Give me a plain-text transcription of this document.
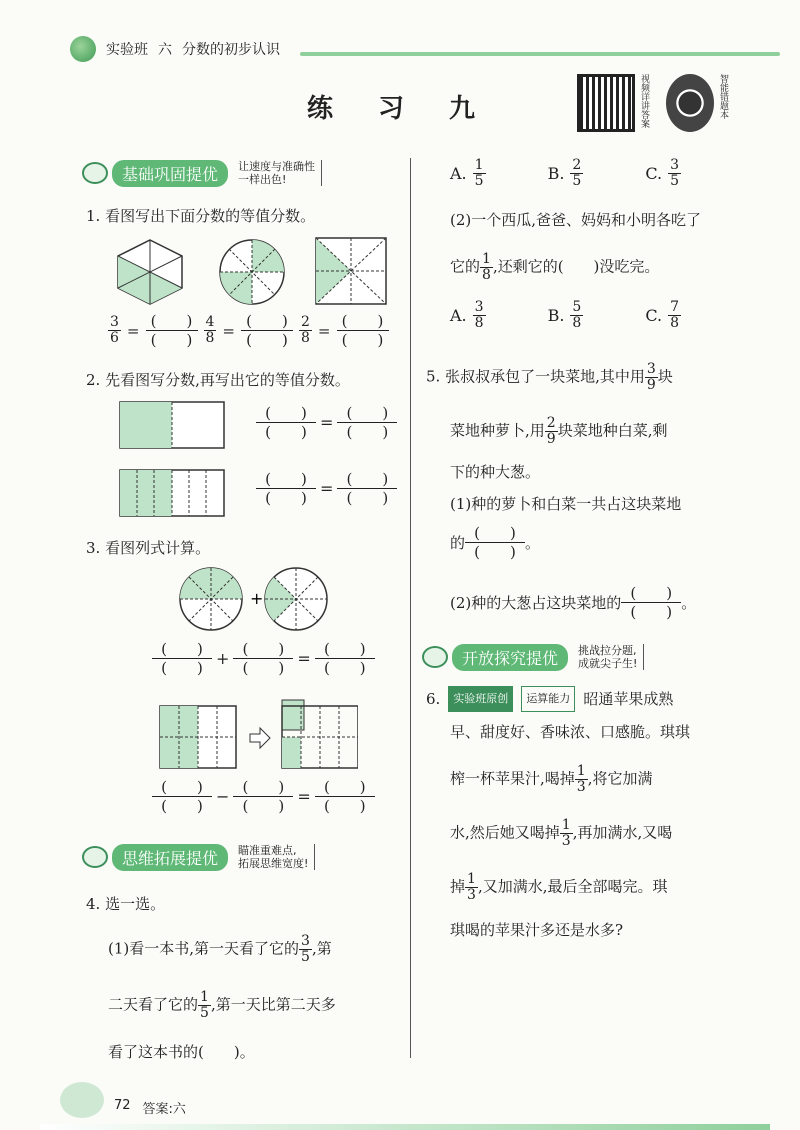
实验班 六 分数的初步认识
练 习 九	视频详讲答案	智能错题本
基础巩固提优	让速度与准确性
一样出色!
1. 看图写出下面分数的等值分数。
$\frac{3}{6}$ =
(　　)
(　　) $\frac{4}{8}$ =
(　　)
(　　) $\frac{2}{8}$ =
(　　)
(　　)
2. 先看图写分数,再写出它的等值分数。
(　　)
(　　) = (　　)
(　　)
(　　)
(　　) = (　　)
(　　)
3. 看图列式计算。
+
(　　)
(　　) + (　　)
(　　) = (　　)
(　　)
(　　)
(　　) − (　　)
(　　) = (　　)
(　　)
思维拓展提优	瞄准重难点,
拓展思维宽度!
4. 选一选。
(1)看一本书,第一天看了它的 $\frac{3}{5}$ ,第
二天看了它的 $\frac{1}{5}$ ,第一天比第二天多
看了这本书的(　　)。
A. $\frac{1}{5}$	B. $\frac{2}{5}$	C. $\frac{3}{5}$
(2)一个西瓜,爸爸、妈妈和小明各吃了
它的 $\frac{1}{8}$ ,还剩它的(　　)没吃完。
A. $\frac{3}{8}$	B. $\frac{5}{8}$	C. $\frac{7}{8}$
5. 张叔叔承包了一块菜地,其中用 $\frac{3}{9}$ 块
菜地种萝卜,用 $\frac{2}{9}$ 块菜地种白菜,剩
下的种大葱。
(1)种的萝卜和白菜一共占这块菜地
的
(　　)
(　　)
。
(2)种的大葱占这块菜地的
(　　)
(　　)
。
开放探究提优	挑战拉分题,
成就尖子生!
6.	实验班原创	运算能力 昭通苹果成熟
早、甜度好、香味浓、口感脆。琪琪
榨一杯苹果汁,喝掉 $\frac{1}{3}$ ,将它加满
水,然后她又喝掉 $\frac{1}{3}$ ,再加满水,又喝
掉 $\frac{1}{3}$ ,又加满水,最后全部喝完。琪
琪喝的苹果汁多还是水多?
72 答案:六
